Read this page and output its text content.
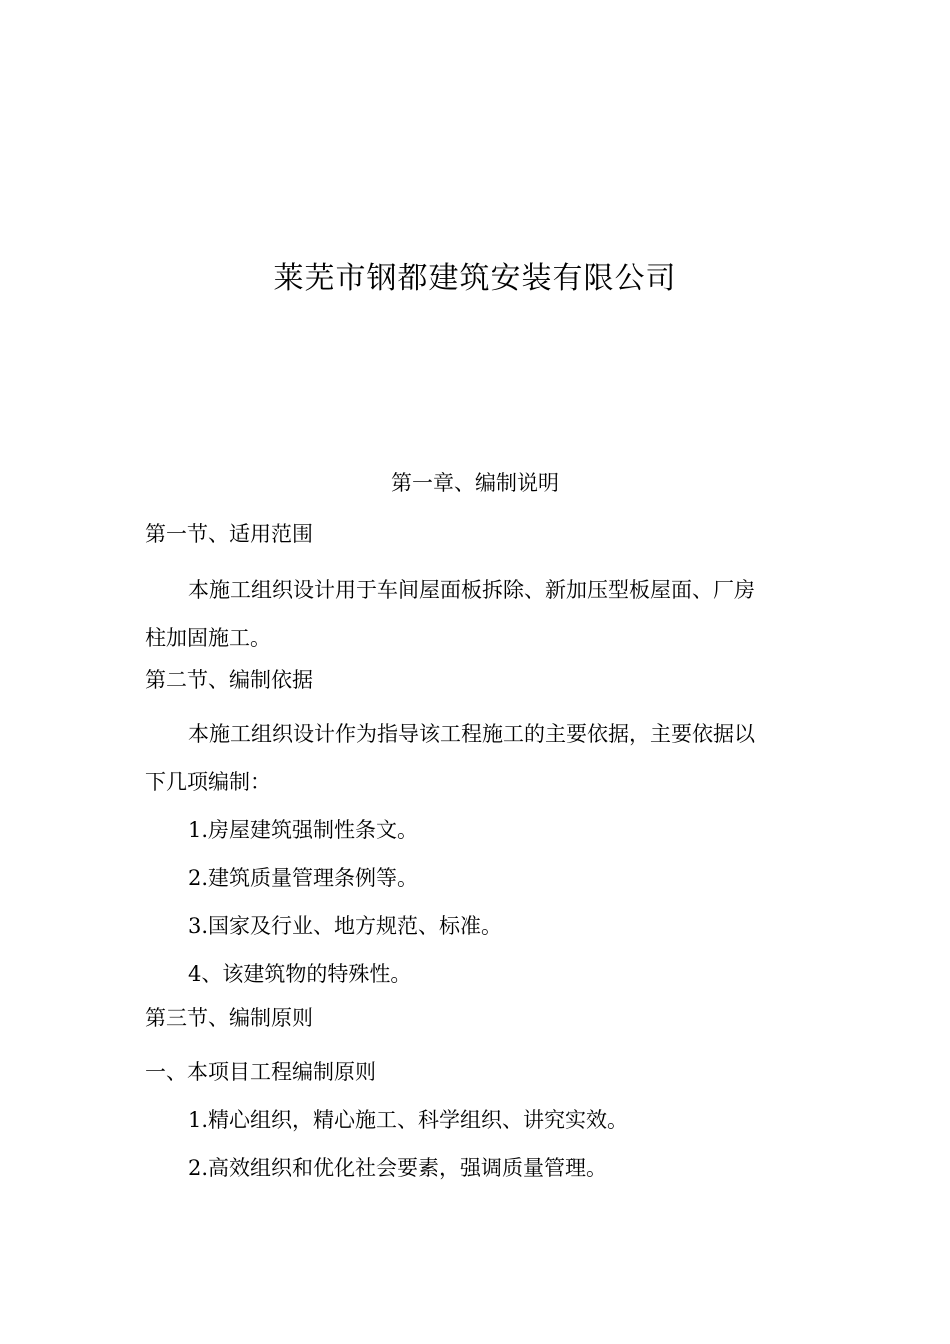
莱芜市钢都建筑安装有限公司
第一章、编制说明
第一节、适用范围
本施工组织设计用于车间屋面板拆除、新加压型板屋面、厂房
柱加固施工。
第二节、编制依据
本施工组织设计作为指导该工程施工的主要依据，主要依据以
下几项编制：
1.房屋建筑强制性条文。
2.建筑质量管理条例等。
3.国家及行业、地方规范、标准。
4、该建筑物的特殊性。
第三节、编制原则
一、本项目工程编制原则
1.精心组织，精心施工、科学组织、讲究实效。
2.高效组织和优化社会要素，强调质量管理。
